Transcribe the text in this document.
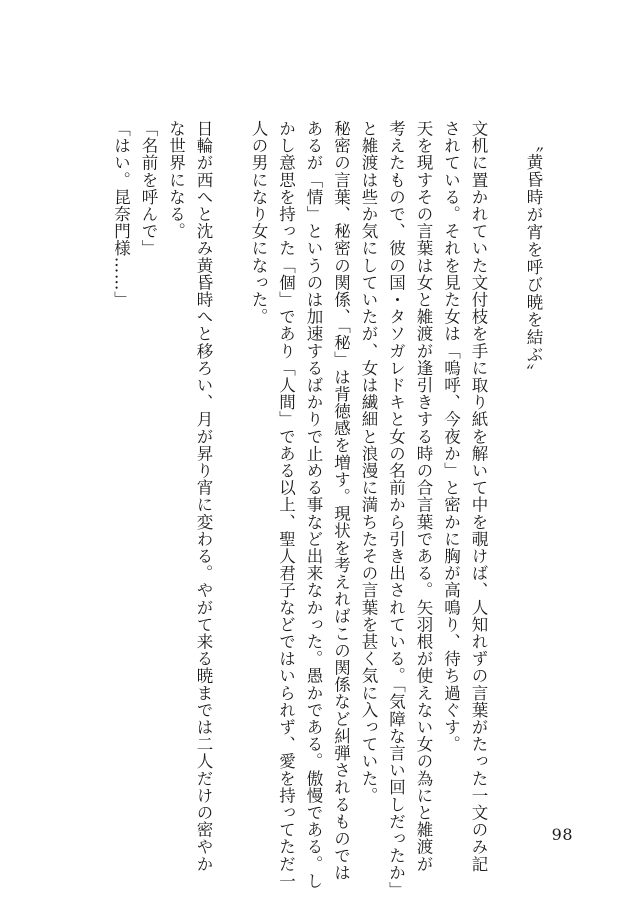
〝黄昏時が宵を呼び暁を結ぶ〟
文机に置かれていた文付枝を手に取り紙を解いて中を覗けば、人知れずの言葉がたった一文のみ記
されている。それを見た女は「嗚呼、今夜か」と密かに胸が高鳴り、待ち過ぐす。
天を現すその言葉は女と雑渡が逢引きする時の合言葉である。矢羽根が使えない女の為にと雑渡が
考えたもので、彼の国・タソガレドキと女の名前から引き出されている。「気障な言い回しだったか」
と雑渡は些か気にしていたが、女は繊細と浪漫に満ちたその言葉を甚く気に入っていた。
秘密の言葉、秘密の関係、「秘」は背徳感を増す。現状を考えればこの関係など糾弾されるものでは
あるが「情」というのは加速するばかりで止める事など出来なかった。愚かである。傲慢である。し
かし意思を持った「個」であり「人間」である以上、聖人君子などではいられず、愛を持ってただ一
人の男になり女になった。
日輪が西へと沈み黄昏時へと移ろい、月が昇り宵に変わる。やがて来る暁までは二人だけの密やか
な世界になる。
「名前を呼んで」
「はい。昆奈門様……」
98
